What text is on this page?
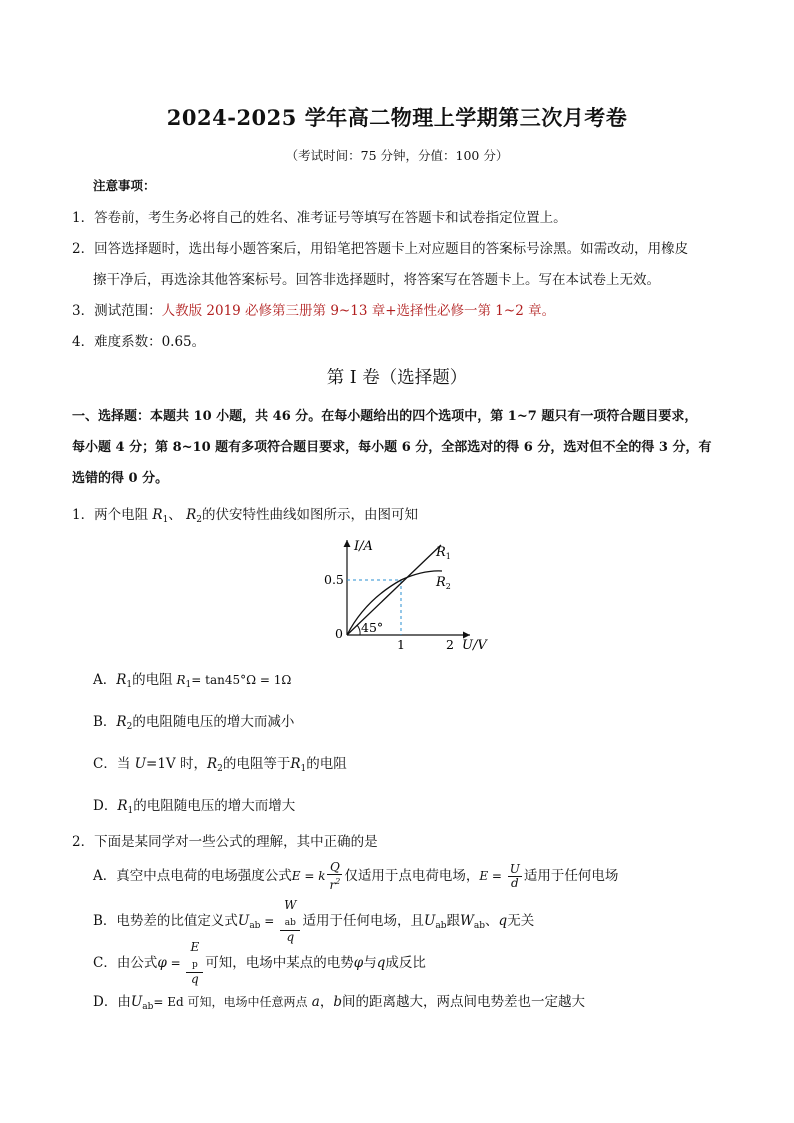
2024-2025 学年高二物理上学期第三次月考卷
（考试时间：75 分钟，分值：100 分）
注意事项：
1．答卷前，考生务必将自己的姓名、准考证号等填写在答题卡和试卷指定位置上。
2．回答选择题时，选出每小题答案后，用铅笔把答题卡上对应题目的答案标号涂黑。如需改动，用橡皮
擦干净后，再选涂其他答案标号。回答非选择题时，将答案写在答题卡上。写在本试卷上无效。
3．测试范围：人教版 2019 必修第三册第 9~13 章+选择性必修一第 1~2 章。
4．难度系数：0.65。
第 I 卷（选择题）
一、选择题：本题共 10 小题，共 46 分。在每小题给出的四个选项中，第 1~7 题只有一项符合题目要求，
每小题 4 分；第 8~10 题有多项符合题目要求，每小题 6 分，全部选对的得 6 分，选对但不全的得 3 分，有
选错的得 0 分。
1．两个电阻 $R_1$、 $R_2$的伏安特性曲线如图所示，由图可知
I/A
0.5
0 45°
1	2 U/V
$R_1$
$R_2$
A．$R_1$的电阻 $R_1= \tan 45^\circ\Omega = 1\Omega$
B．$R_2$的电阻随电压的增大而减小
C．当 U=1V 时，$R_2$的电阻等于$R_1$的电阻
D．$R_1$的电阻随电压的增大而增大
2．下面是某同学对一些公式的理解，其中正确的是
A．真空中点电荷的电场强度公式E = k $\frac{Q}{r^2}$ 仅适用于点电荷电场，$E = \frac{U}{d}$ 适用于任何电场
B．电势差的比值定义式$U_{ab} = W$
$_{ab}$
q 适用于任何电场，且$U_{ab}$跟$W_{ab}$、q无关
C．由公式φ = E
$_p$
q 可知，电场中某点的电势φ与q成反比
D．由$U_{ab}= Ed$ 可知，电场中任意两点 a，b间的距离越大，两点间电势差也一定越大
